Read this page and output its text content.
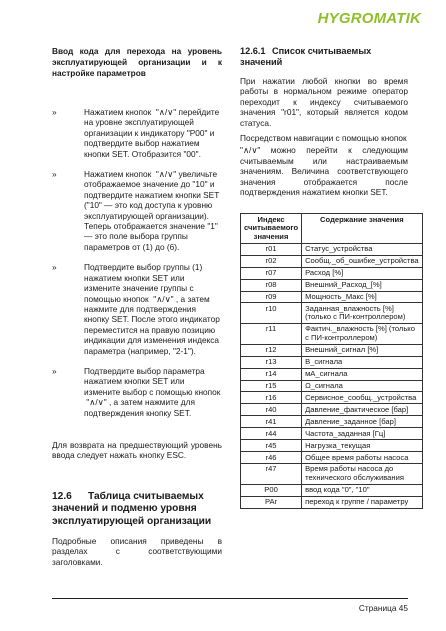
HYGROMATIK
Ввод кода для перехода на уровень эксплуатирующей организации и к настройке параметров
»	Нажатием кнопок  "∧/∨" перейдите на уровне эксплуатирующей организации к индикатору "P00" и подтвердите выбор нажатием кнопки SET. Отобразится "00".
»	Нажатием кнопок  "∧/∨" увеличьте отображаемое значение до "10" и подтвердите нажатием кнопки SET ("10" — это код доступа к уровню эксплуатирующей организации). Теперь отображается значение "1" — это поле выбора группы параметров от (1) до (6).
»	Подтвердите выбор группы (1) нажатием кнопки SET или измените значение группы с помощью кнопок  "∧/∨" , а затем нажмите для подтверждения кнопку SET. После этого индикатор переместится на правую позицию индикации для изменения индекса параметра (например, "2-1").
»	Подтвердите выбор параметра нажатием кнопки SET или измените выбор с помощью кнопок  "∧/∨" , а затем нажмите для подтверждения кнопку SET.
Для возврата на предшествующий уровень ввода следует нажать кнопку ESC.
12.6 Таблица считываемых значений и подменю уровня эксплуатирующей организации
Подробные описания приведены в разделах с соответствующими заголовками.
12.6.1 Список считываемых значений
При нажатии любой кнопки во время работы в нормальном режиме оператор переходит к индексу считываемого значения "r01", который является кодом статуса.
Посредством навигации с помощью кнопок
"∧/∨" можно перейти к следующим считываемым или настраиваемым значениям. Величина соответствующего значения отображается после подтверждения нажатием кнопки SET.
Индекс считываемого значения	Содержание значения
r01	Статус_устройства
r02	Сообщ._об_ошибке_устройства
r07	Расход [%]
r08	Внешний_Расход_[%]
r09	Мощность_Макс [%]
r10	Заданная_влажность [%] (только с ПИ-контроллером)
r11	Фактич._влажность [%] (только с ПИ-контроллером)
r12	Внешний_сигнал [%]
r13	B_сигнала
r14	мА_сигнала
r15	Ω_сигнала
r16	Сервисное_сообщ._устройства
r40	Давление_фактическое [бар]
r41	Давление_заданное [бар]
r44	Частота_заданная [Гц]
r45	Нагрузка_текущая
r46	Общее время работы насоса
r47	Время работы насоса до технического обслуживания
P00	ввод кода "0", "10"
PAr	переход к группе / параметру
Страница 45
